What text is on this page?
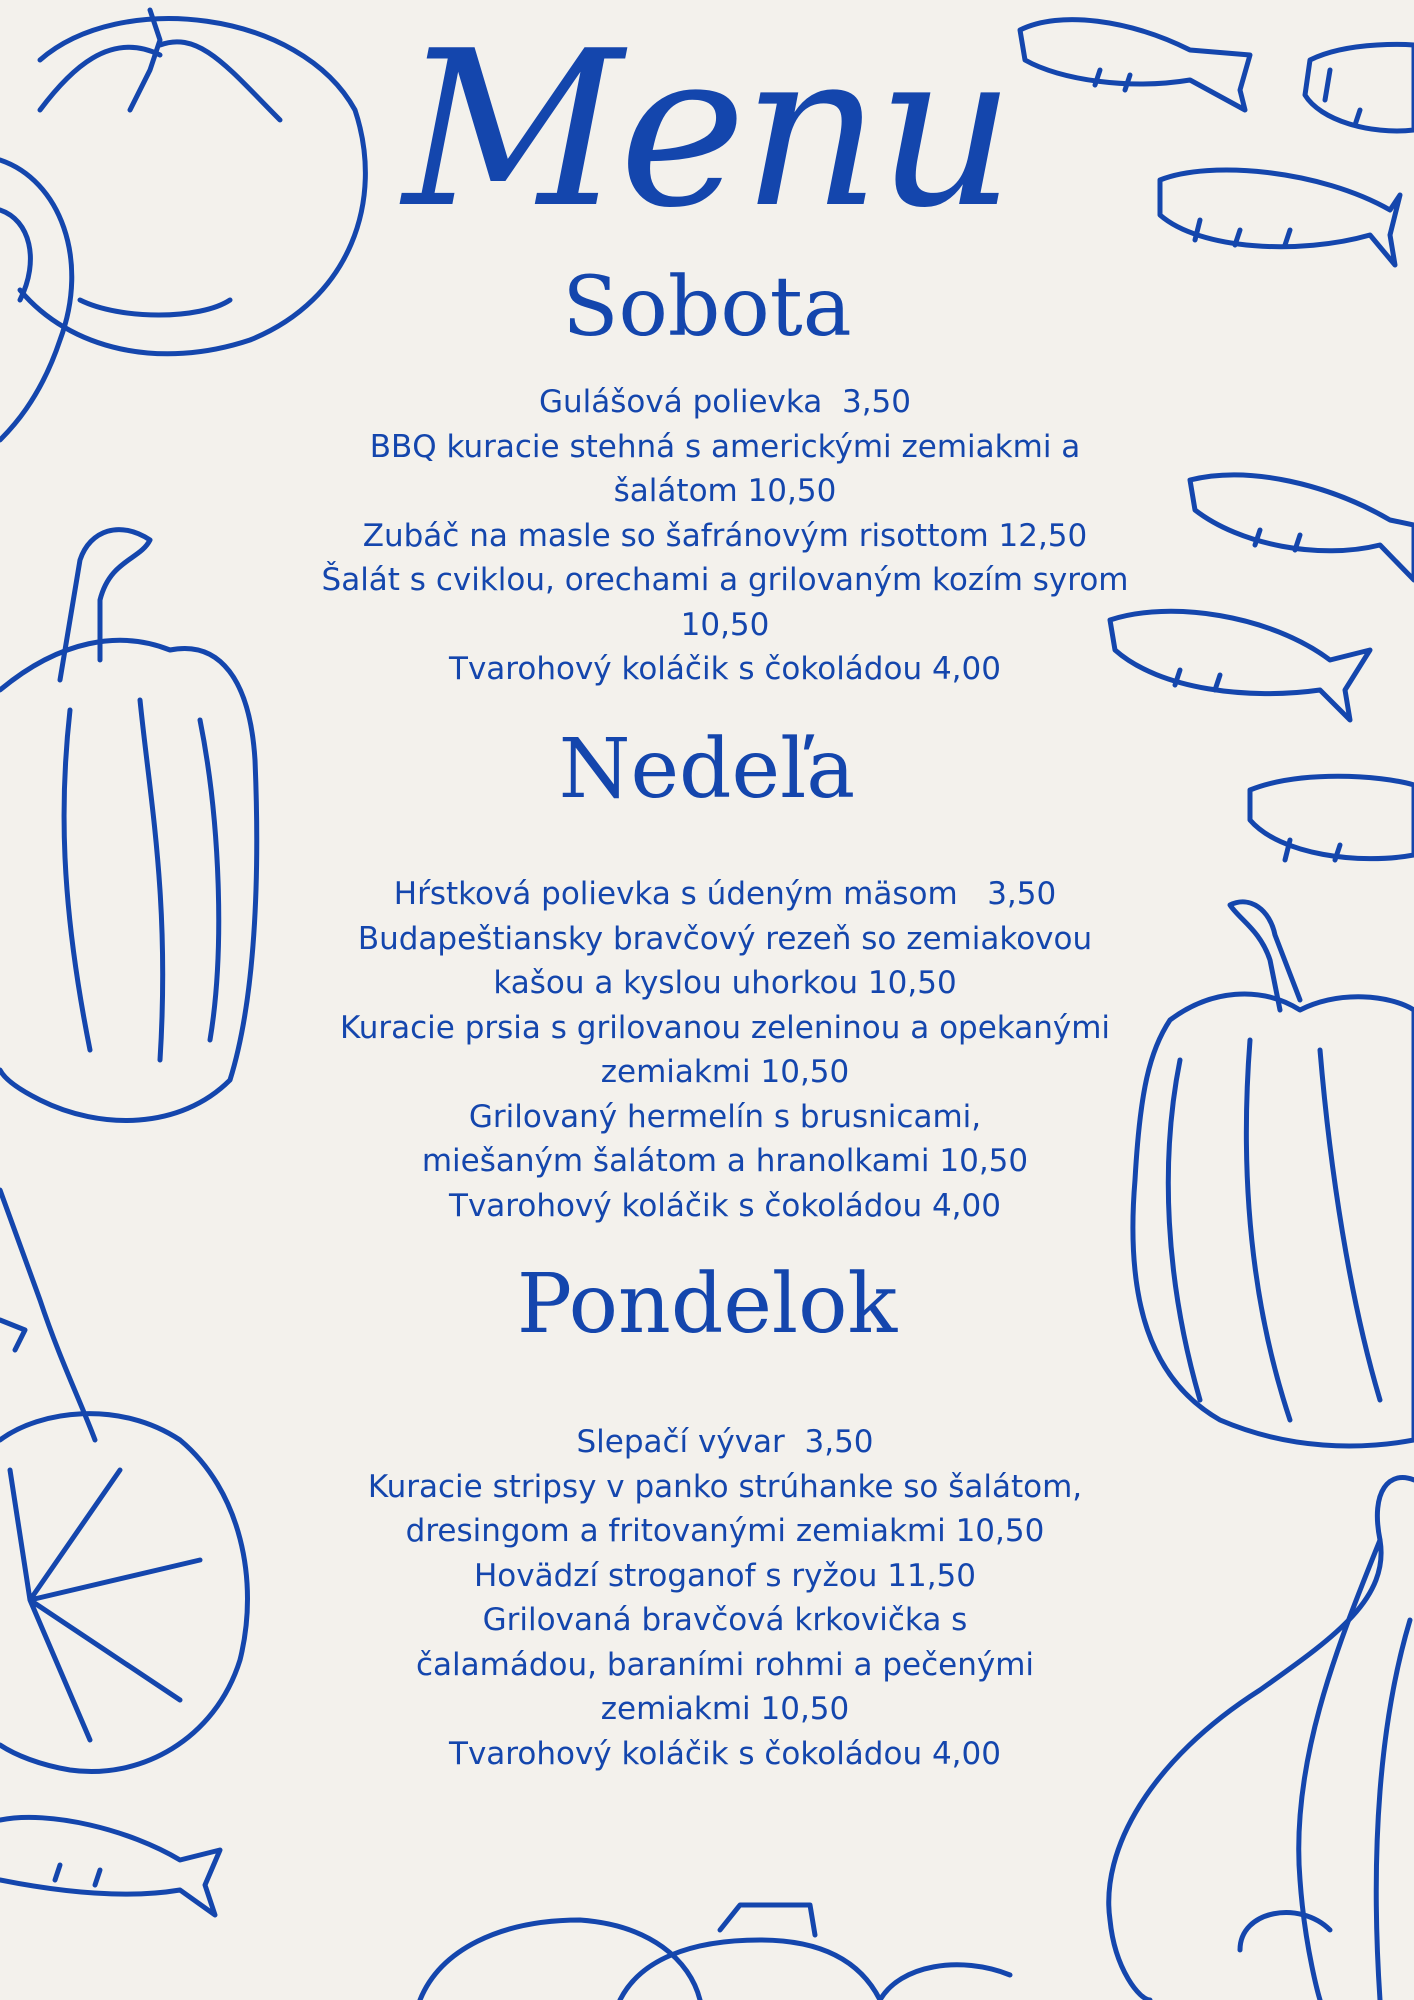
Menu
Sobota
Gulášová polievka  3,50
BBQ kuracie stehná s americkými zemiakmi a šalátom 10,50
Zubáč na masle so šafránovým risottom 12,50
Šalát s cviklou, orechami a grilovaným kozím syrom 10,50
Tvarohový koláčik s čokoládou 4,00
Nedeľa
Hŕstková polievka s údeným mäsom   3,50
Budapeštiansky bravčový rezeň so zemiakovou kašou a kyslou uhorkou 10,50
Kuracie prsia s grilovanou zeleninou a opekanými zemiakmi 10,50
Grilovaný hermelín s brusnicami, miešaným šalátom a hranolkami 10,50
Tvarohový koláčik s čokoládou 4,00
Pondelok
Slepačí vývar  3,50
Kuracie stripsy v panko strúhanke so šalátom, dresingom a fritovanými zemiakmi 10,50
Hovädzí stroganof s ryžou 11,50
Grilovaná bravčová krkovička s čalamádou, baraními rohmi a pečenými zemiakmi 10,50
Tvarohový koláčik s čokoládou 4,00
